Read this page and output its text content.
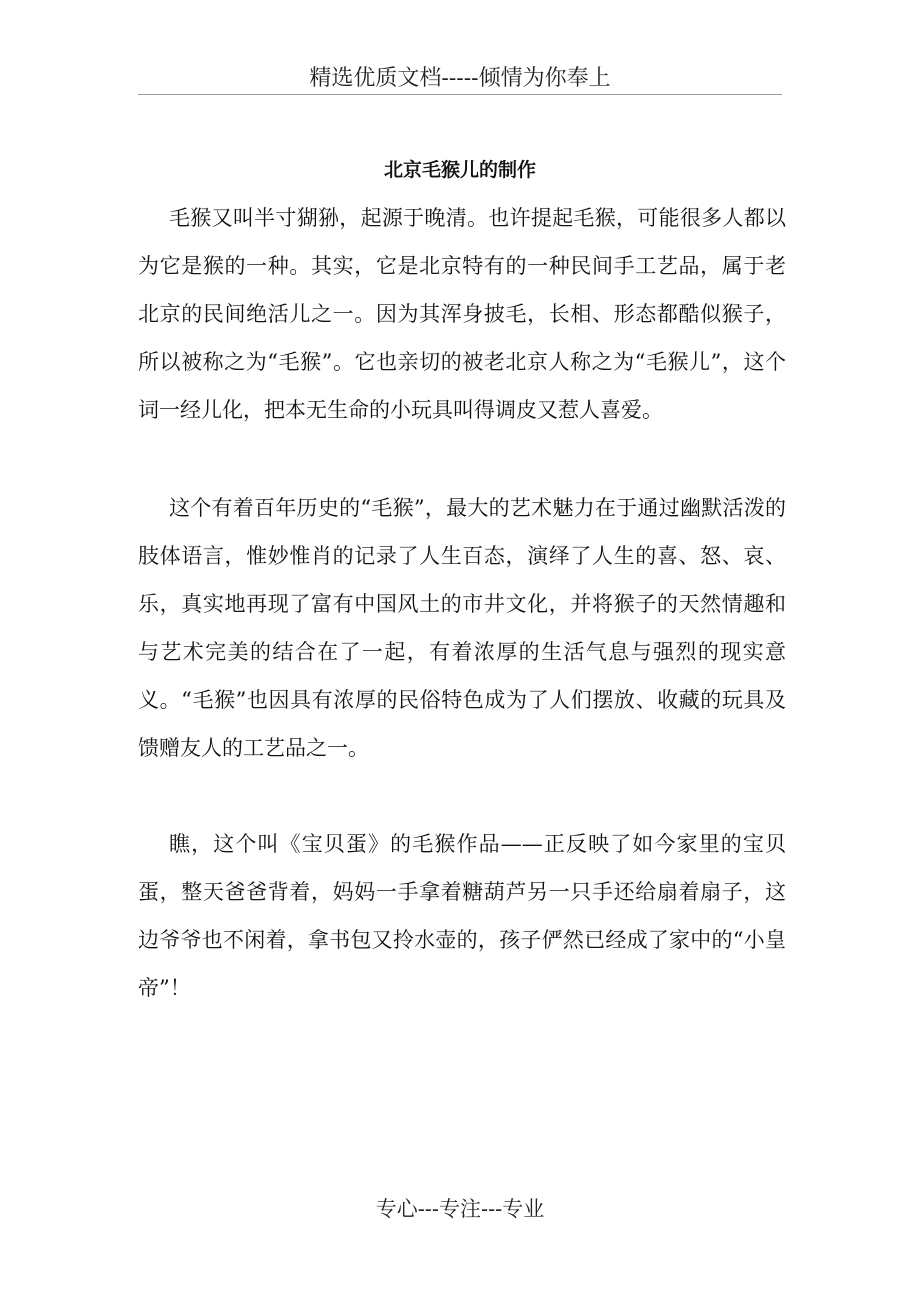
精选优质文档-----倾情为你奉上
北京毛猴儿的制作

毛猴又叫半寸猢狲，起源于晚清。也许提起毛猴，可能很多人都以为它是猴的一种。其实，它是北京特有的一种民间手工艺品，属于老北京的民间绝活儿之一。因为其浑身披毛，长相、形态都酷似猴子，所以被称之为“毛猴”。它也亲切的被老北京人称之为“毛猴儿”，这个词一经儿化，把本无生命的小玩具叫得调皮又惹人喜爱。

这个有着百年历史的“毛猴”，最大的艺术魅力在于通过幽默活泼的肢体语言，惟妙惟肖的记录了人生百态，演绎了人生的喜、怒、哀、乐，真实地再现了富有中国风土的市井文化，并将猴子的天然情趣和与艺术完美的结合在了一起，有着浓厚的生活气息与强烈的现实意义。“毛猴”也因具有浓厚的民俗特色成为了人们摆放、收藏的玩具及馈赠友人的工艺品之一。

瞧，这个叫《宝贝蛋》的毛猴作品——正反映了如今家里的宝贝蛋，整天爸爸背着，妈妈一手拿着糖葫芦另一只手还给扇着扇子，这边爷爷也不闲着，拿书包又拎水壶的，孩子俨然已经成了家中的“小皇帝”！

专心---专注---专业
